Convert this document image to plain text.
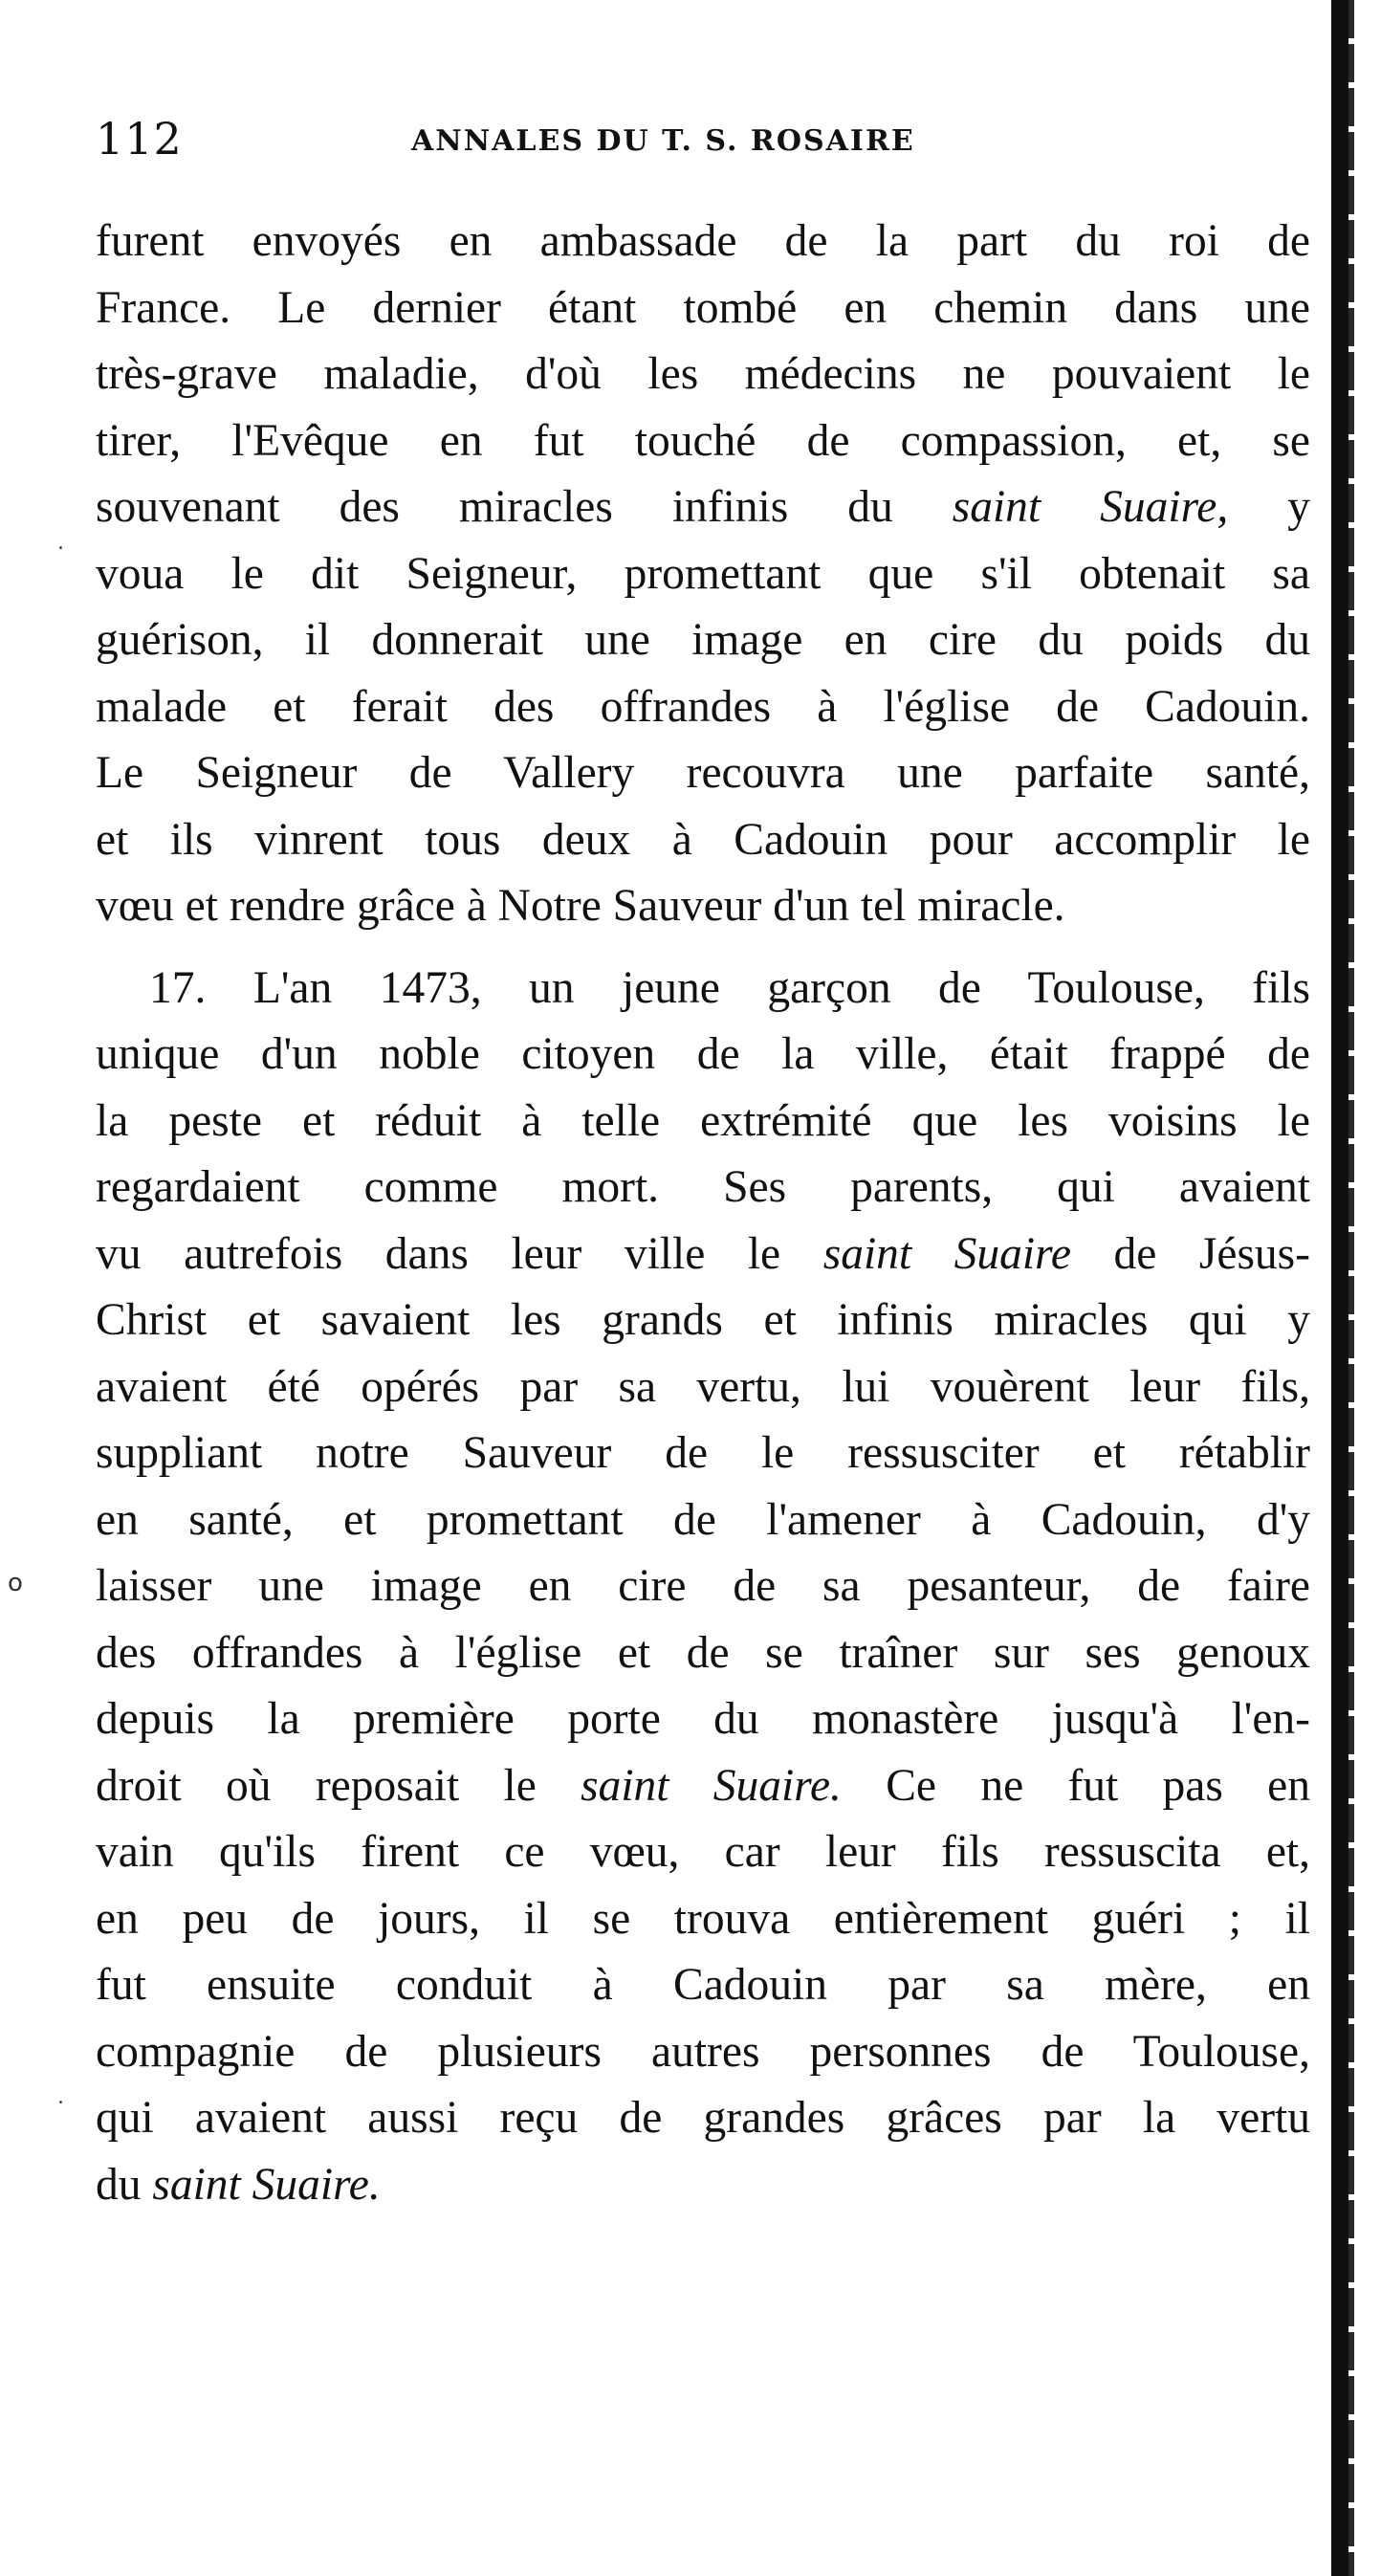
112	ANNALES DU T. S. ROSAIRE
furent envoyés en ambassade de la part du roi de
France. Le dernier étant tombé en chemin dans une
très-grave maladie, d'où les médecins ne pouvaient le
tirer, l'Evêque en fut touché de compassion, et, se
souvenant des miracles infinis du saint Suaire, y
voua le dit Seigneur, promettant que s'il obtenait sa
guérison, il donnerait une image en cire du poids du
malade et ferait des offrandes à l'église de Cadouin.
Le Seigneur de Vallery recouvra une parfaite santé,
et ils vinrent tous deux à Cadouin pour accomplir le
vœu et rendre grâce à Notre Sauveur d'un tel miracle.
17. L'an 1473, un jeune garçon de Toulouse, fils
unique d'un noble citoyen de la ville, était frappé de
la peste et réduit à telle extrémité que les voisins le
regardaient comme mort. Ses parents, qui avaient
vu autrefois dans leur ville le saint Suaire de Jésus-
Christ et savaient les grands et infinis miracles qui y
avaient été opérés par sa vertu, lui vouèrent leur fils,
suppliant notre Sauveur de le ressusciter et rétablir
en santé, et promettant de l'amener à Cadouin, d'y
laisser une image en cire de sa pesanteur, de faire
des offrandes à l'église et de se traîner sur ses genoux
depuis la première porte du monastère jusqu'à l'en-
droit où reposait le saint Suaire. Ce ne fut pas en
vain qu'ils firent ce vœu, car leur fils ressuscita et,
en peu de jours, il se trouva entièrement guéri ; il
fut ensuite conduit à Cadouin par sa mère, en
compagnie de plusieurs autres personnes de Toulouse,
qui avaient aussi reçu de grandes grâces par la vertu
du saint Suaire.
o
.
.
